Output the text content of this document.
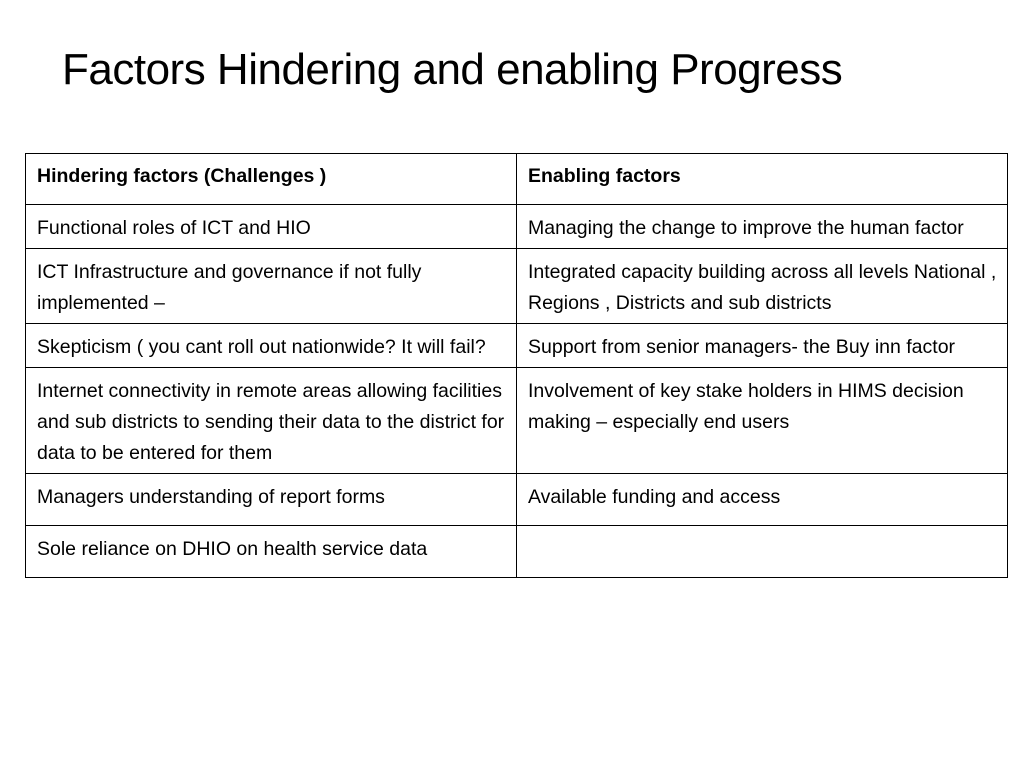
Factors Hindering and enabling Progress
Hindering factors (Challenges )	Enabling factors
Functional roles of ICT and HIO	Managing the change to improve the human factor
ICT Infrastructure and governance if not fully implemented –	Integrated capacity building across all levels National , Regions , Districts and sub districts
Skepticism ( you cant roll out nationwide? It will fail?	Support from senior managers- the Buy inn factor
Internet connectivity in remote areas allowing facilities and sub districts to sending their data to the district for data to be entered for them	Involvement of key stake holders in HIMS decision making – especially end users
Managers understanding of report forms	Available funding and access
Sole reliance on DHIO on health service data	
